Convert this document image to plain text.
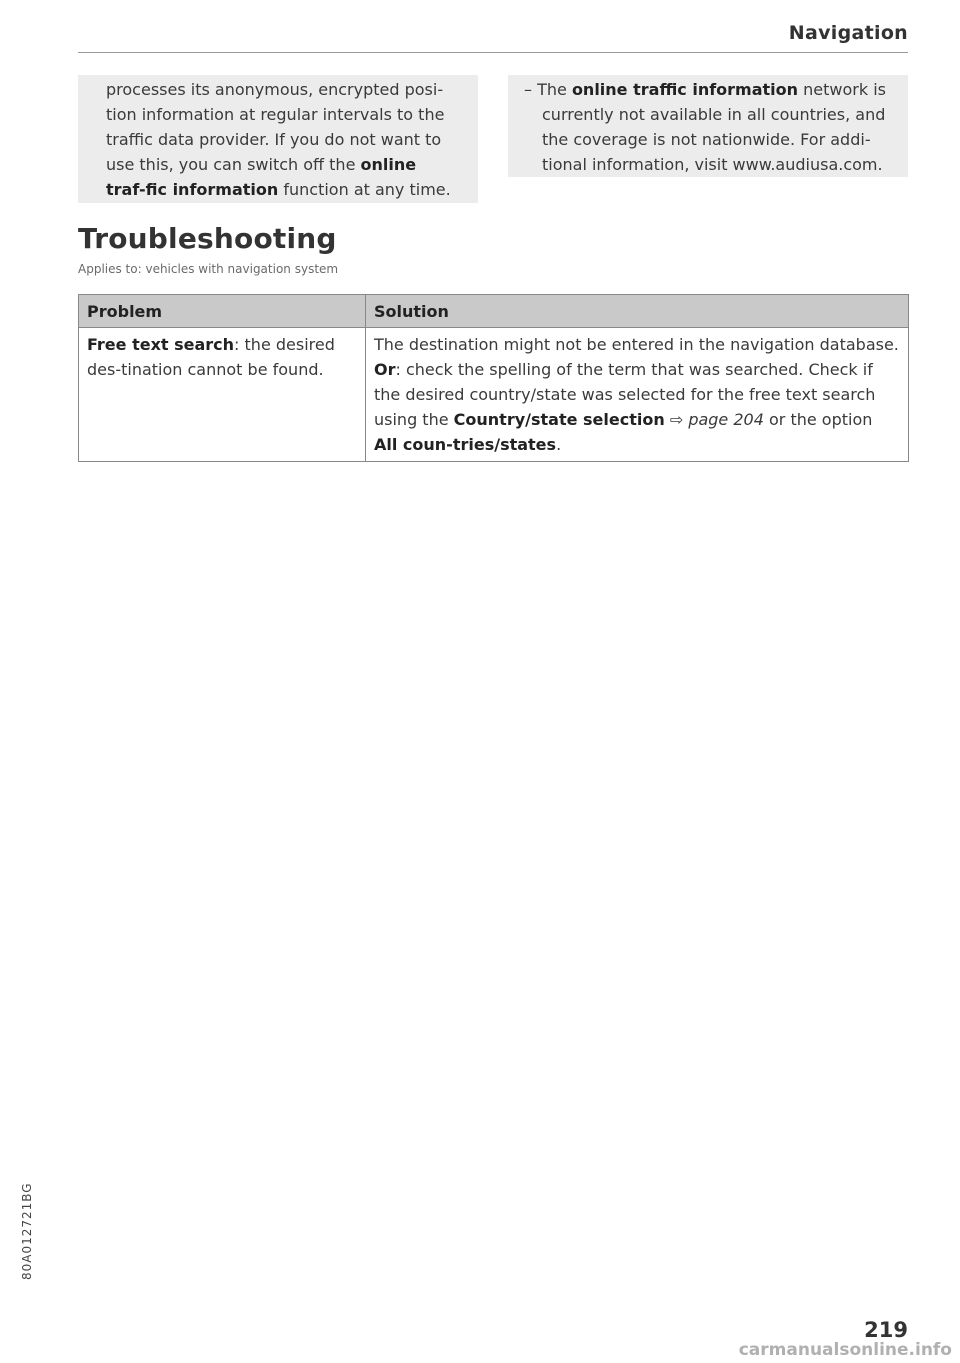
Navigation
processes its anonymous, encrypted posi-tion information at regular intervals to the traffic data provider. If you do not want to use this, you can switch off the online traf-fic information function at any time.
– The online traffic information network is currently not available in all countries, and the coverage is not nationwide. For addi-tional information, visit www.audiusa.com.
Troubleshooting
Applies to: vehicles with navigation system
Problem	Solution
Free text search: the desired des-tination cannot be found.	The destination might not be entered in the navigation database. Or: check the spelling of the term that was searched. Check if the desired country/state was selected for the free text search using the Country/state selection ⇨ page 204 or the option All coun-tries/states.
80A012721BG
219
carmanualsonline.info
